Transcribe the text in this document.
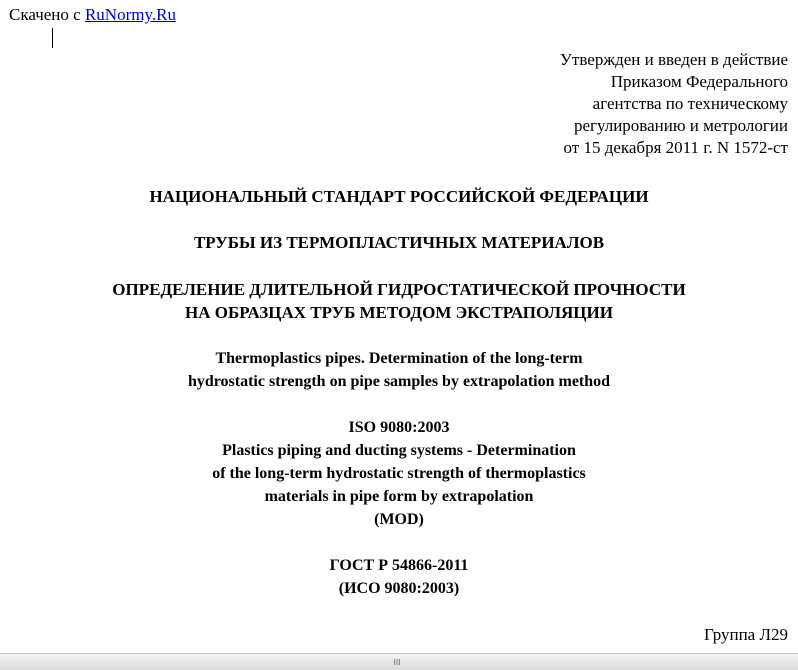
Скачено с RuNormy.Ru
Утвержден и введен в действие
Приказом Федерального
агентства по техническому
регулированию и метрологии
от 15 декабря 2011 г. N 1572-ст
НАЦИОНАЛЬНЫЙ СТАНДАРТ РОССИЙСКОЙ ФЕДЕРАЦИИ
ТРУБЫ ИЗ ТЕРМОПЛАСТИЧНЫХ МАТЕРИАЛОВ
ОПРЕДЕЛЕНИЕ ДЛИТЕЛЬНОЙ ГИДРОСТАТИЧЕСКОЙ ПРОЧНОСТИ
НА ОБРАЗЦАХ ТРУБ МЕТОДОМ ЭКСТРАПОЛЯЦИИ
Thermoplastics pipes. Determination of the long-term
hydrostatic strength on pipe samples by extrapolation method
ISO 9080:2003
Plastics piping and ducting systems - Determination
of the long-term hydrostatic strength of thermoplastics
materials in pipe form by extrapolation
(MOD)
ГОСТ Р 54866-2011
(ИСО 9080:2003)
Группа Л29
III
